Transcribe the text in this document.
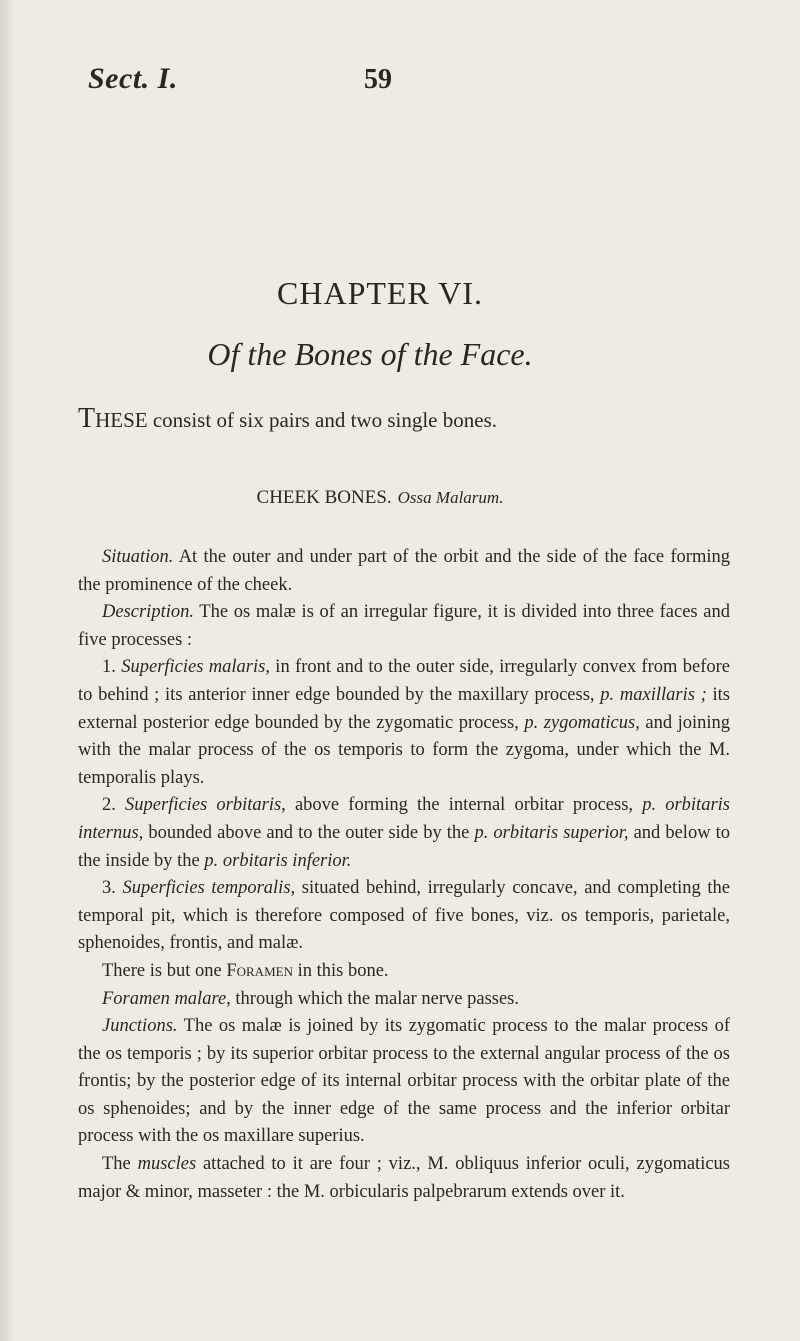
Sect. I.	59
CHAPTER VI.
Of the Bones of the Face.
THESE consist of six pairs and two single bones.
CHEEK BONES. Ossa Malarum.

Situation. At the outer and under part of the orbit and the side of the face forming the prominence of the cheek.

Description. The os malæ is of an irregular figure, it is divided into three faces and five processes :

1. Superficies malaris, in front and to the outer side, irregularly convex from before to behind ; its anterior inner edge bounded by the maxillary process, p. maxillaris ; its external posterior edge bounded by the zygomatic process, p. zygomaticus, and joining with the malar process of the os temporis to form the zygoma, under which the M. temporalis plays.

2. Superficies orbitaris, above forming the internal orbitar process, p. orbitaris internus, bounded above and to the outer side by the p. orbitaris superior, and below to the inside by the p. orbitaris inferior.

3. Superficies temporalis, situated behind, irregularly concave, and completing the temporal pit, which is therefore composed of five bones, viz. os temporis, parietale, sphenoides, frontis, and malæ.

There is but one Foramen in this bone.

Foramen malare, through which the malar nerve passes.

Junctions. The os malæ is joined by its zygomatic process to the malar process of the os temporis ; by its superior orbitar process to the external angular process of the os frontis; by the posterior edge of its internal orbitar process with the orbitar plate of the os sphenoides; and by the inner edge of the same process and the inferior orbitar process with the os maxillare superius.

The muscles attached to it are four ; viz., M. obliquus inferior oculi, zygomaticus major & minor, masseter : the M. orbicularis palpebrarum extends over it.
